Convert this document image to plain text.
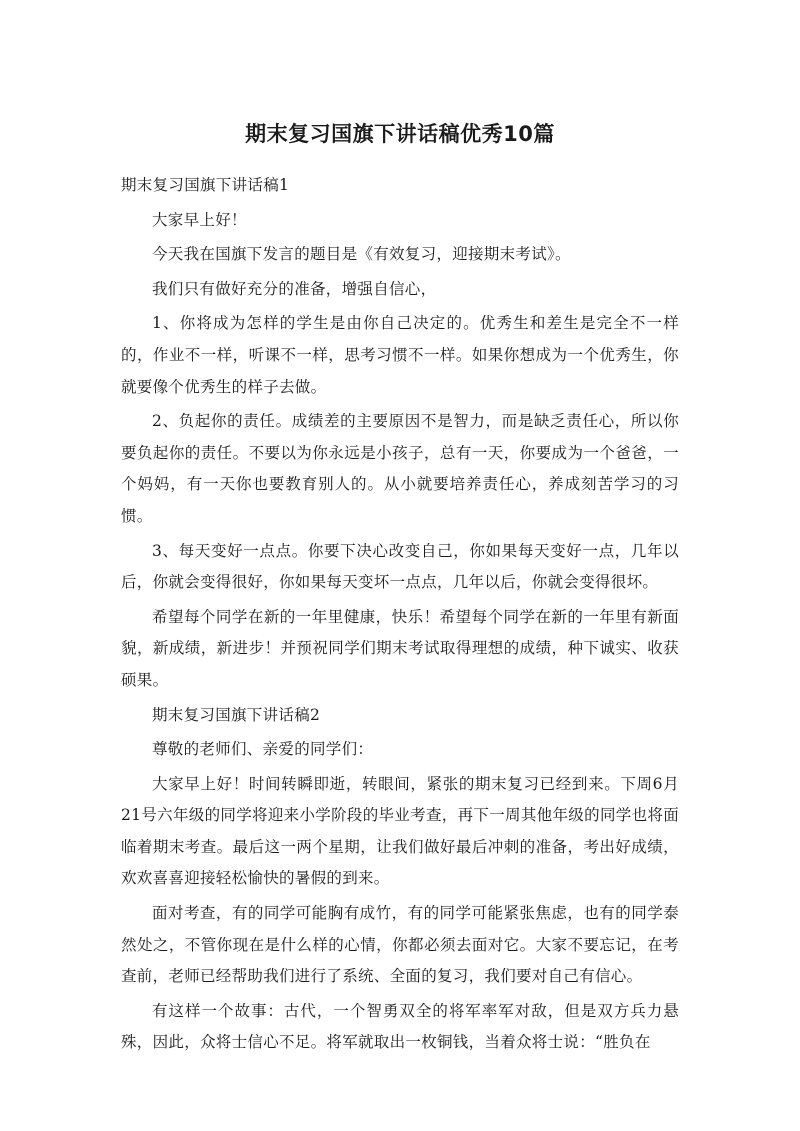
期末复习国旗下讲话稿优秀10篇

期末复习国旗下讲话稿1

大家早上好！

今天我在国旗下发言的题目是《有效复习，迎接期末考试》。

我们只有做好充分的准备，增强自信心，

1、你将成为怎样的学生是由你自己决定的。优秀生和差生是完全不一样的，作业不一样，听课不一样，思考习惯不一样。如果你想成为一个优秀生，你就要像个优秀生的样子去做。

2、负起你的责任。成绩差的主要原因不是智力，而是缺乏责任心，所以你要负起你的责任。不要以为你永远是小孩子，总有一天，你要成为一个爸爸，一个妈妈，有一天你也要教育别人的。从小就要培养责任心，养成刻苦学习的习惯。

3、每天变好一点点。你要下决心改变自己，你如果每天变好一点，几年以后，你就会变得很好，你如果每天变坏一点点，几年以后，你就会变得很坏。

希望每个同学在新的一年里健康，快乐！希望每个同学在新的一年里有新面貌，新成绩，新进步！并预祝同学们期末考试取得理想的成绩，种下诚实、收获硕果。

期末复习国旗下讲话稿2

尊敬的老师们、亲爱的同学们：

大家早上好！时间转瞬即逝，转眼间，紧张的期末复习已经到来。下周6月21号六年级的同学将迎来小学阶段的毕业考查，再下一周其他年级的同学也将面临着期末考查。最后这一两个星期，让我们做好最后冲刺的准备，考出好成绩，欢欢喜喜迎接轻松愉快的暑假的到来。

面对考查，有的同学可能胸有成竹，有的同学可能紧张焦虑，也有的同学泰然处之，不管你现在是什么样的心情，你都必须去面对它。大家不要忘记，在考查前，老师已经帮助我们进行了系统、全面的复习，我们要对自己有信心。

有这样一个故事：古代，一个智勇双全的将军率军对敌，但是双方兵力悬殊，因此，众将士信心不足。将军就取出一枚铜钱，当着众将士说：“胜负在
